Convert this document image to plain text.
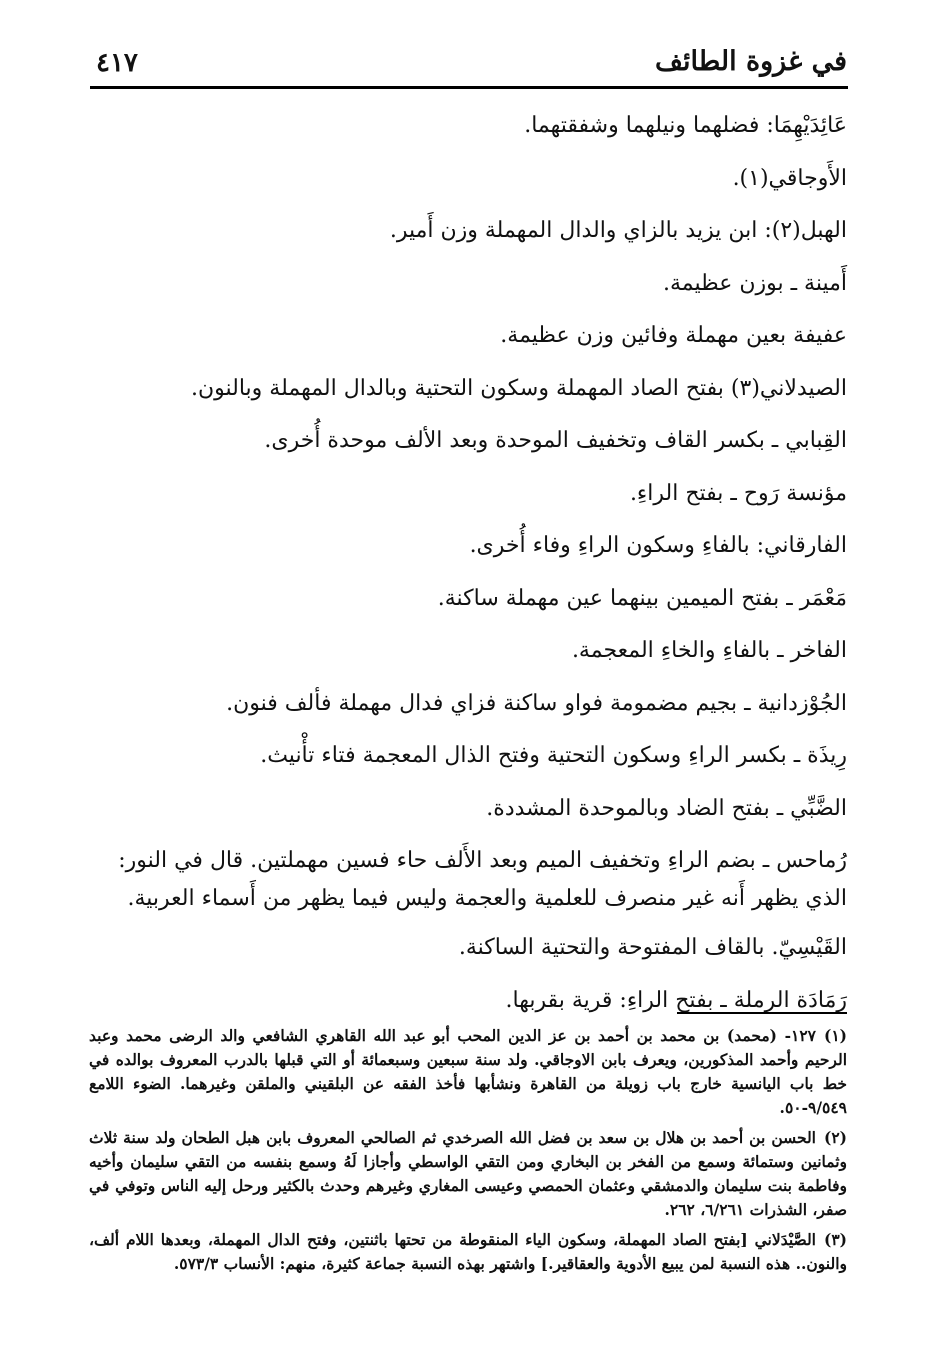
في غزوة الطائف
٤١٧
عَائِدَيْهِمَا: فضلهما ونيلهما وشفقتهما.
الأَوجاقي(١).
الهبل(٢): ابن يزيد بالزاي والدال المهملة وزن أَمير.
أَمينة ـ بوزن عظيمة.
عفيفة بعين مهملة وفائين وزن عظيمة.
الصيدلاني(٣) بفتح الصاد المهملة وسكون التحتية وبالدال المهملة وبالنون.
القِبابي ـ بكسر القاف وتخفيف الموحدة وبعد الألف موحدة أُخرى.
مؤنسة رَوح ـ بفتح الراءِ.
الفارقاني: بالفاءِ وسكون الراءِ وفاء أُخرى.
مَعْمَر ـ بفتح الميمين بينهما عين مهملة ساكنة.
الفاخر ـ بالفاءِ والخاءِ المعجمة.
الجُوْزدانية ـ بجيم مضمومة فواو ساكنة فزاي فدال مهملة فألف فنون.
رِيذَة ـ بكسر الراءِ وسكون التحتية وفتح الذال المعجمة فتاء تأْنيث.
الضَّبِّي ـ بفتح الضاد وبالموحدة المشددة.
رُماحس ـ بضم الراءِ وتخفيف الميم وبعد الأَلف حاء فسين مهملتين. قال في النور: الذي يظهر أَنه غير منصرف للعلمية والعجمة وليس فيما يظهر من أَسماء العربية.
القَيْسِيّ. بالقاف المفتوحة والتحتية الساكنة.
رَمَادَة الرملة ـ بفتح الراءِ: قرية بقربها.
(١)١٢٧- (محمد) بن محمد بن أحمد بن عز الدين المحب أبو عبد الله القاهري الشافعي والد الرضى محمد وعبد الرحيم وأحمد المذكورين، ويعرف بابن الاوجاقي. ولد سنة سبعين وسبعمائة أو التي قبلها بالدرب المعروف بوالده في خط باب اليانسية خارج باب زويلة من القاهرة ونشأبها فأخذ الفقه عن البلقيني والملقن وغيرهما. الضوء اللامع ٩/٥٤٩-٥٠.
(٢)الحسن بن أحمد بن هلال بن سعد بن فضل الله الصرخدي ثم الصالحي المعروف بابن هبل الطحان ولد سنة ثلاث وثمانين وستمائة وسمع من الفخر بن البخاري ومن التقي الواسطي وأجازا لَهُ وسمع بنفسه من التقي سليمان وأخيه وفاطمة بنت سليمان والدمشقي وعثمان الحمصي وعيسى المغاري وغيرهم وحدث بالكثير ورحل إليه الناس وتوفي في صفر، الشذرات ٦/٢٦١، ٢٦٢.
(٣)الصَّيْدَلاني [بفتح الصاد المهملة، وسكون الياء المنقوطة من تحتها باثنتين، وفتح الدال المهملة، وبعدها اللام ألف، والنون.. هذه النسبة لمن يبيع الأدوية والعقاقير.] واشتهر بهذه النسبة جماعة كثيرة، منهم: الأنساب ٥٧٣/٣.
